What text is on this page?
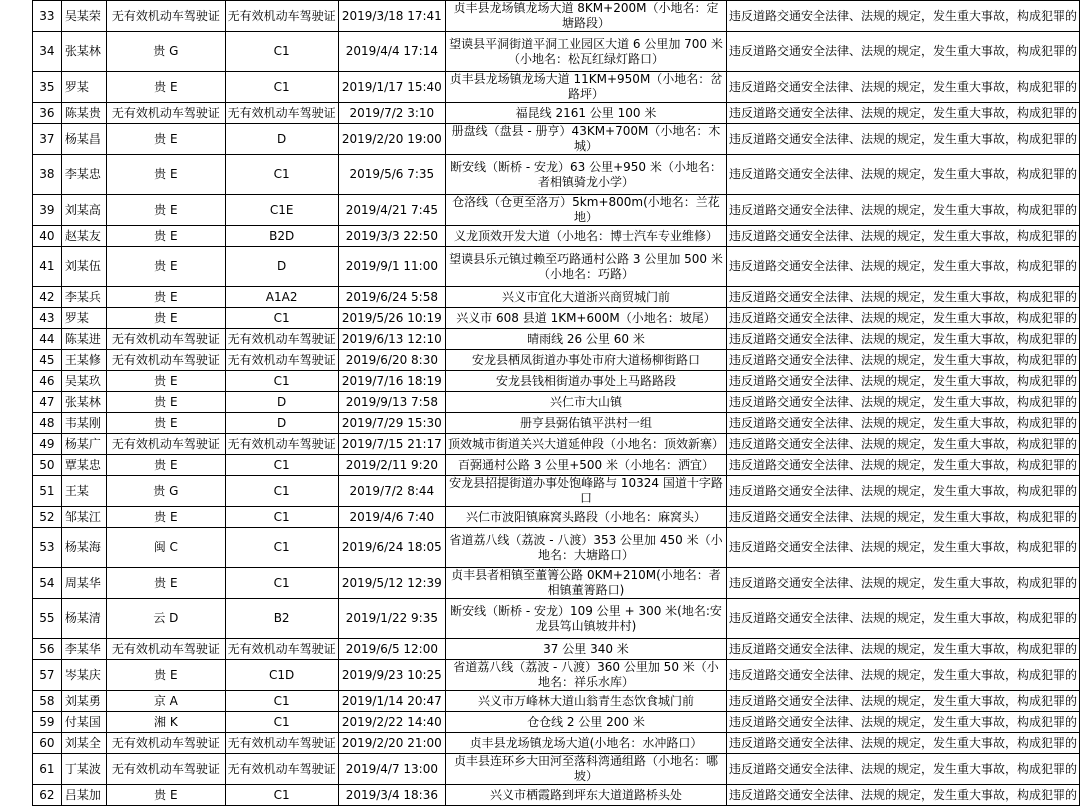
33	吴某荣	无有效机动车驾驶证	无有效机动车驾驶证	2019/3/18 17:41	贞丰县龙场镇龙场大道 8KM+200M（小地名：定塘路段）	违反道路交通安全法律、法规的规定，发生重大事故，构成犯罪的
34	张某林	贵 G	C1	2019/4/4 17:14	望谟县平洞街道平洞工业园区大道 6 公里加 700 米（小地名：松瓦红绿灯路口）	违反道路交通安全法律、法规的规定，发生重大事故，构成犯罪的
35	罗某	贵 E	C1	2019/1/17 15:40	贞丰县龙场镇龙场大道 11KM+950M（小地名：岔路坪）	违反道路交通安全法律、法规的规定，发生重大事故，构成犯罪的
36	陈某贵	无有效机动车驾驶证	无有效机动车驾驶证	2019/7/2 3:10	福昆线 2161 公里 100 米	违反道路交通安全法律、法规的规定，发生重大事故，构成犯罪的
37	杨某昌	贵 E	D	2019/2/20 19:00	册盘线（盘县 - 册亨）43KM+700M（小地名：木城）	违反道路交通安全法律、法规的规定，发生重大事故，构成犯罪的
38	李某忠	贵 E	C1	2019/5/6 7:35	断安线（断桥 - 安龙）63 公里+950 米（小地名：者相镇骑龙小学）	违反道路交通安全法律、法规的规定，发生重大事故，构成犯罪的
39	刘某高	贵 E	C1E	2019/4/21 7:45	仓洛线（仓更至洛万）5km+800m(小地名：兰花地）	违反道路交通安全法律、法规的规定，发生重大事故，构成犯罪的
40	赵某友	贵 E	B2D	2019/3/3 22:50	义龙顶效开发大道（小地名：博士汽车专业维修）	违反道路交通安全法律、法规的规定，发生重大事故，构成犯罪的
41	刘某伍	贵 E	D	2019/9/1 11:00	望谟县乐元镇过赖至巧路通村公路 3 公里加 500 米（小地名：巧路）	违反道路交通安全法律、法规的规定，发生重大事故，构成犯罪的
42	李某兵	贵 E	A1A2	2019/6/24 5:58	兴义市宜化大道浙兴商贸城门前	违反道路交通安全法律、法规的规定，发生重大事故，构成犯罪的
43	罗某	贵 E	C1	2019/5/26 10:19	兴义市 608 县道 1KM+600M（小地名：坡尾）	违反道路交通安全法律、法规的规定，发生重大事故，构成犯罪的
44	陈某进	无有效机动车驾驶证	无有效机动车驾驶证	2019/6/13 12:10	晴雨线 26 公里 60 米	违反道路交通安全法律、法规的规定，发生重大事故，构成犯罪的
45	王某修	无有效机动车驾驶证	无有效机动车驾驶证	2019/6/20 8:30	安龙县栖凤街道办事处市府大道杨柳街路口	违反道路交通安全法律、法规的规定，发生重大事故，构成犯罪的
46	吴某玖	贵 E	C1	2019/7/16 18:19	安龙县钱相街道办事处上马路路段	违反道路交通安全法律、法规的规定，发生重大事故，构成犯罪的
47	张某林	贵 E	D	2019/9/13 7:58	兴仁市大山镇	违反道路交通安全法律、法规的规定，发生重大事故，构成犯罪的
48	韦某刚	贵 E	D	2019/7/29 15:30	册亨县弼佑镇平洪村一组	违反道路交通安全法律、法规的规定，发生重大事故，构成犯罪的
49	杨某广	无有效机动车驾驶证	无有效机动车驾驶证	2019/7/15 21:17	顶效城市街道关兴大道延伸段（小地名：顶效新寨）	违反道路交通安全法律、法规的规定，发生重大事故，构成犯罪的
50	覃某忠	贵 E	C1	2019/2/11 9:20	百弼通村公路 3 公里+500 米（小地名：洒宜）	违反道路交通安全法律、法规的规定，发生重大事故，构成犯罪的
51	王某	贵 G	C1	2019/7/2 8:44	安龙县招提街道办事处饱峰路与 10324 国道十字路口	违反道路交通安全法律、法规的规定，发生重大事故，构成犯罪的
52	邹某江	贵 E	C1	2019/4/6 7:40	兴仁市波阳镇麻窝头路段（小地名：麻窝头）	违反道路交通安全法律、法规的规定，发生重大事故，构成犯罪的
53	杨某海	闽 C	C1	2019/6/24 18:05	省道荔八线（荔波 - 八渡）353 公里加 450 米（小地名：大塘路口）	违反道路交通安全法律、法规的规定，发生重大事故，构成犯罪的
54	周某华	贵 E	C1	2019/5/12 12:39	贞丰县者相镇至董箐公路 0KM+210M(小地名：者相镇董箐路口)	违反道路交通安全法律、法规的规定，发生重大事故，构成犯罪的
55	杨某清	云 D	B2	2019/1/22 9:35	断安线（断桥 - 安龙）109 公里 + 300 米(地名:安龙县笃山镇坡井村)	违反道路交通安全法律、法规的规定，发生重大事故，构成犯罪的
56	李某华	无有效机动车驾驶证	无有效机动车驾驶证	2019/6/5 12:00	37 公里 340 米	违反道路交通安全法律、法规的规定，发生重大事故，构成犯罪的
57	岑某庆	贵 E	C1D	2019/9/23 10:25	省道荔八线（荔波 - 八渡）360 公里加 50 米（小地名：祥乐水库）	违反道路交通安全法律、法规的规定，发生重大事故，构成犯罪的
58	刘某勇	京 A	C1	2019/1/14 20:47	兴义市万峰林大道山翁青生态饮食城门前	违反道路交通安全法律、法规的规定，发生重大事故，构成犯罪的
59	付某国	湘 K	C1	2019/2/22 14:40	仓仓线 2 公里 200 米	违反道路交通安全法律、法规的规定，发生重大事故，构成犯罪的
60	刘某全	无有效机动车驾驶证	无有效机动车驾驶证	2019/2/20 21:00	贞丰县龙场镇龙场大道(小地名：水冲路口）	违反道路交通安全法律、法规的规定，发生重大事故，构成犯罪的
61	丁某波	无有效机动车驾驶证	无有效机动车驾驶证	2019/4/7 13:00	贞丰县连环乡大田河至落科湾通组路（小地名：哪坡）	违反道路交通安全法律、法规的规定，发生重大事故，构成犯罪的
62	吕某加	贵 E	C1	2019/3/4 18:36	兴义市栖霞路到坪东大道道路桥头处	违反道路交通安全法律、法规的规定，发生重大事故，构成犯罪的
